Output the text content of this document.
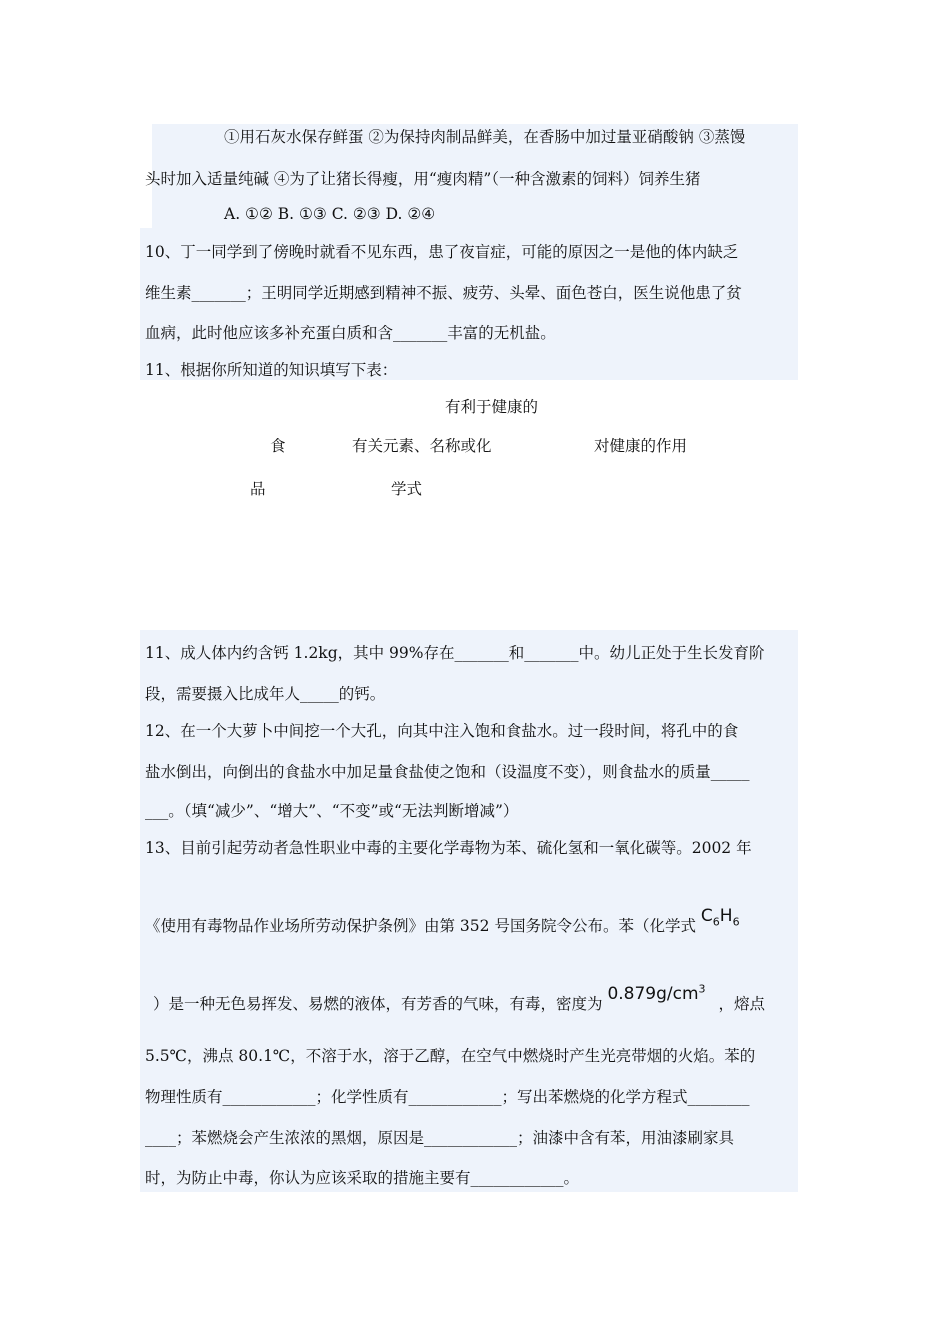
①用石灰水保存鲜蛋 ②为保持肉制品鲜美，在香肠中加过量亚硝酸钠 ③蒸馒
头时加入适量纯碱 ④为了让猪长得瘦，用“瘦肉精”（一种含激素的饲料）饲养生猪
A. ①② B. ①③ C. ②③ D. ②④
10、丁一同学到了傍晚时就看不见东西，患了夜盲症，可能的原因之一是他的体内缺乏
维生素_______；王明同学近期感到精神不振、疲劳、头晕、面色苍白，医生说他患了贫
血病，此时他应该多补充蛋白质和含_______丰富的无机盐。
11、根据你所知道的知识填写下表：
有利于健康的
食	有关元素、名称或化	对健康的作用
品	学式
11、成人体内约含钙 1.2kg，其中 99%存在_______和_______中。幼儿正处于生长发育阶
段，需要摄入比成年人_____的钙。
12、在一个大萝卜中间挖一个大孔，向其中注入饱和食盐水。过一段时间，将孔中的食
盐水倒出，向倒出的食盐水中加足量食盐使之饱和（设温度不变），则食盐水的质量_____
___。（填“减少”、“增大”、“不变”或“无法判断增减”）
13、目前引起劳动者急性职业中毒的主要化学毒物为苯、硫化氢和一氧化碳等。2002 年
《使用有毒物品作业场所劳动保护条例》由第 352 号国务院令公布。苯（化学式 $C_6H_6$
）是一种无色易挥发、易燃的液体，有芳香的气味，有毒，密度为 $0.879g/cm^3$ ，熔点
5.5℃，沸点 80.1℃，不溶于水，溶于乙醇，在空气中燃烧时产生光亮带烟的火焰。苯的
物理性质有____________；化学性质有____________；写出苯燃烧的化学方程式________
____；苯燃烧会产生浓浓的黑烟，原因是____________；油漆中含有苯，用油漆刷家具
时，为防止中毒，你认为应该采取的措施主要有____________。
